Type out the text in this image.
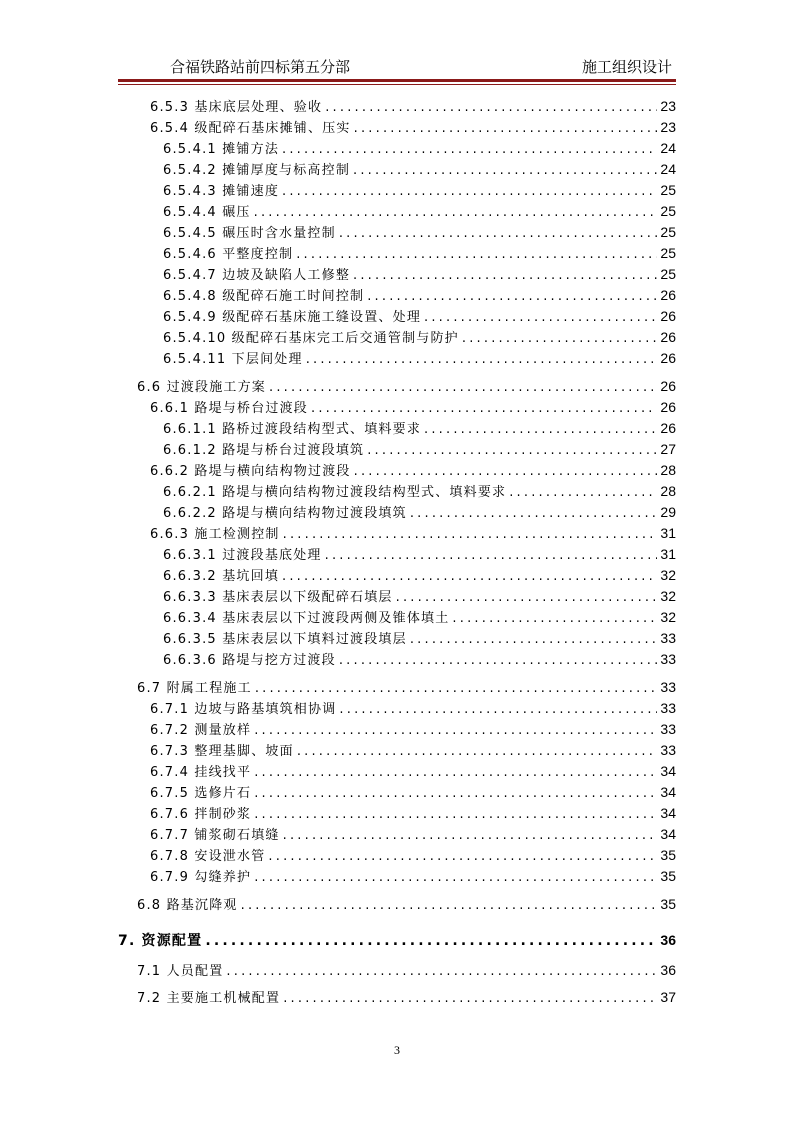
合福铁路站前四标第五分部	施工组织设计
6.5.3 基床底层处理、验收 .....	23
6.5.4 级配碎石基床摊铺、压实 .....	23
6.5.4.1 摊铺方法 .....	24
6.5.4.2 摊铺厚度与标高控制 .....	24
6.5.4.3 摊铺速度 .....	25
6.5.4.4 碾压 .....	25
6.5.4.5 碾压时含水量控制 .....	25
6.5.4.6 平整度控制 .....	25
6.5.4.7 边坡及缺陷人工修整 .....	25
6.5.4.8 级配碎石施工时间控制 .....	26
6.5.4.9 级配碎石基床施工缝设置、处理 .....	26
6.5.4.10 级配碎石基床完工后交通管制与防护 .....	26
6.5.4.11 下层间处理 .....	26
6.6 过渡段施工方案 .....	26
6.6.1 路堤与桥台过渡段 .....	26
6.6.1.1 路桥过渡段结构型式、填料要求 .....	26
6.6.1.2 路堤与桥台过渡段填筑 .....	27
6.6.2 路堤与横向结构物过渡段 .....	28
6.6.2.1 路堤与横向结构物过渡段结构型式、填料要求 .....	28
6.6.2.2 路堤与横向结构物过渡段填筑 .....	29
6.6.3 施工检测控制 .....	31
6.6.3.1 过渡段基底处理 .....	31
6.6.3.2 基坑回填 .....	32
6.6.3.3 基床表层以下级配碎石填层 .....	32
6.6.3.4 基床表层以下过渡段两侧及锥体填土 .....	32
6.6.3.5 基床表层以下填料过渡段填层 .....	33
6.6.3.6 路堤与挖方过渡段 .....	33
6.7 附属工程施工 .....	33
6.7.1 边坡与路基填筑相协调 .....	33
6.7.2 测量放样 .....	33
6.7.3 整理基脚、坡面 .....	33
6.7.4 挂线找平 .....	34
6.7.5 选修片石 .....	34
6.7.6 拌制砂浆 .....	34
6.7.7 铺浆砌石填缝 .....	34
6.7.8 安设泄水管 .....	35
6.7.9 勾缝养护 .....	35
6.8 路基沉降观 .....	35
7. 资源配置 .....	36
7.1 人员配置 .....	36
7.2 主要施工机械配置 .....	37
3
